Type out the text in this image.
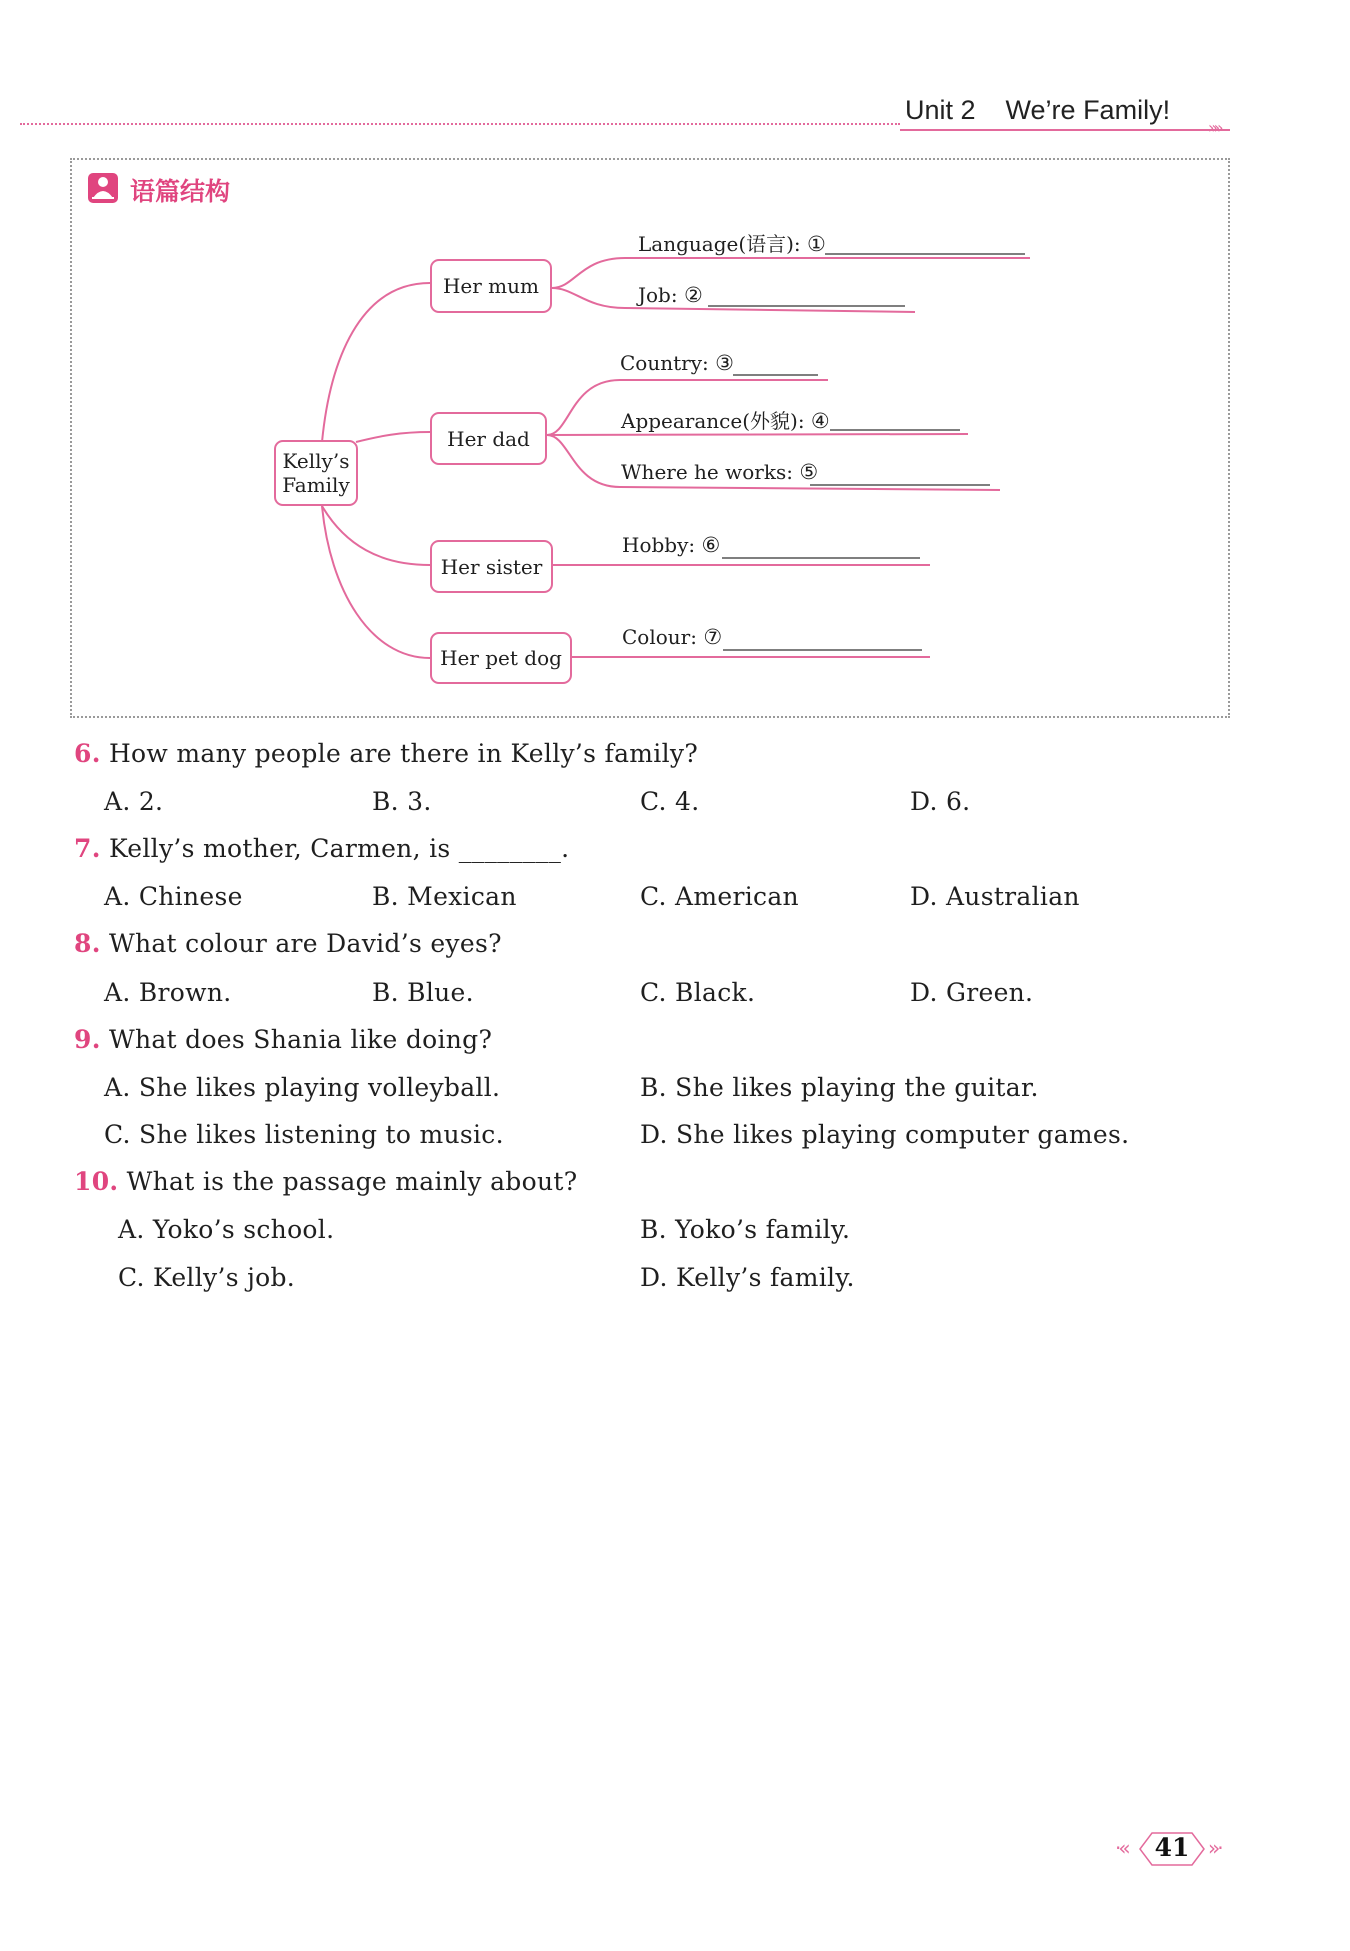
Unit 2 We’re Family!
»»
语篇结构
Kelly’s
Family
Her mum
Her dad
Her sister
Her pet dog
Language(语言): ①
Job: ②
Country: ③
Appearance(外貌): ④
Where he works: ⑤
Hobby: ⑥
Colour: ⑦
6. How many people are there in Kelly’s family?
A. 2.	B. 3.	C. 4.	D. 6.
7. Kelly’s mother, Carmen, is ________.
A. Chinese	B. Mexican	C. American	D. Australian
8. What colour are David’s eyes?
A. Brown.	B. Blue.	C. Black.	D. Green.
9. What does Shania like doing?
A. She likes playing volleyball.	B. She likes playing the guitar.
C. She likes listening to music.	D. She likes playing computer games.
10. What is the passage mainly about?
A. Yoko’s school.	B. Yoko’s family.
C. Kelly’s job.	D. Kelly’s family.
·« 41 »·
